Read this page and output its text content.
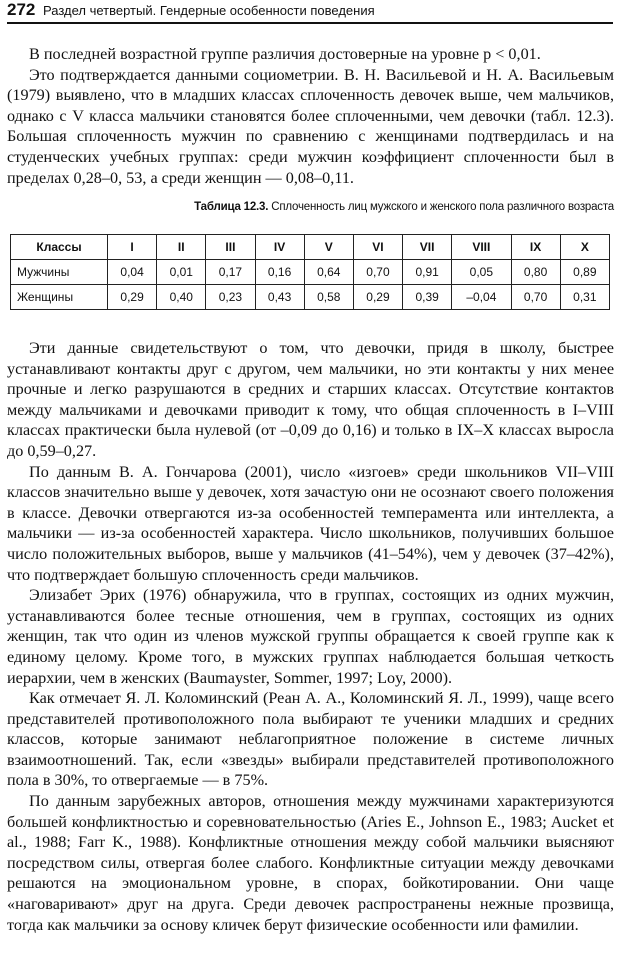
272 Раздел четвертый. Гендерные особенности поведения

В последней возрастной группе различия достоверные на уровне p < 0,01.

Это подтверждается данными социометрии. В. Н. Васильевой и Н. А. Васильевым (1979) выявлено, что в младших классах сплоченность девочек выше, чем мальчиков, однако с V класса мальчики становятся более сплоченными, чем девочки (табл. 12.3). Большая сплоченность мужчин по сравнению с женщинами подтвердилась и на студенческих учебных группах: среди мужчин коэффициент сплоченности был в пределах 0,28–0, 53, а среди женщин — 0,08–0,11.

Таблица 12.3. Сплоченность лиц мужского и женского пола различного возраста
Классы	I	II	III	IV	V	VI	VII	VIII	IX	X
Мужчины	0,04	0,01	0,17	0,16	0,64	0,70	0,91	0,05	0,80	0,89
Женщины	0,29	0,40	0,23	0,43	0,58	0,29	0,39	–0,04	0,70	0,31

Эти данные свидетельствуют о том, что девочки, придя в школу, быстрее устанавливают контакты друг с другом, чем мальчики, но эти контакты у них менее прочные и легко разрушаются в средних и старших классах. Отсутствие контактов между мальчиками и девочками приводит к тому, что общая сплоченность в I–VIII классах практически была нулевой (от –0,09 до 0,16) и только в IX–X классах выросла до 0,59–0,27.

По данным В. А. Гончарова (2001), число «изгоев» среди школьников VII–VIII классов значительно выше у девочек, хотя зачастую они не осознают своего положения в классе. Девочки отвергаются из-за особенностей темперамента или интеллекта, а мальчики — из-за особенностей характера. Число школьников, получивших большое число положительных выборов, выше у мальчиков (41–54%), чем у девочек (37–42%), что подтверждает большую сплоченность среди мальчиков.

Элизабет Эрих (1976) обнаружила, что в группах, состоящих из одних мужчин, устанавливаются более тесные отношения, чем в группах, состоящих из одних женщин, так что один из членов мужской группы обращается к своей группе как к единому целому. Кроме того, в мужских группах наблюдается большая четкость иерархии, чем в женских (Baumayster, Sommer, 1997; Loy, 2000).

Как отмечает Я. Л. Коломинский (Реан А. А., Коломинский Я. Л., 1999), чаще всего представителей противоположного пола выбирают те ученики младших и средних классов, которые занимают неблагоприятное положение в системе личных взаимоотношений. Так, если «звезды» выбирали представителей противоположного пола в 30%, то отвергаемые — в 75%.

По данным зарубежных авторов, отношения между мужчинами характеризуются большей конфликтностью и соревновательностью (Aries E., Johnson E., 1983; Aucket et al., 1988; Farr K., 1988). Конфликтные отношения между собой мальчики выясняют посредством силы, отвергая более слабого. Конфликтные ситуации между девочками решаются на эмоциональном уровне, в спорах, бойкотировании. Они чаще «наговаривают» друг на друга. Среди девочек распространены нежные прозвища, тогда как мальчики за основу кличек берут физические особенности или фамилии.
